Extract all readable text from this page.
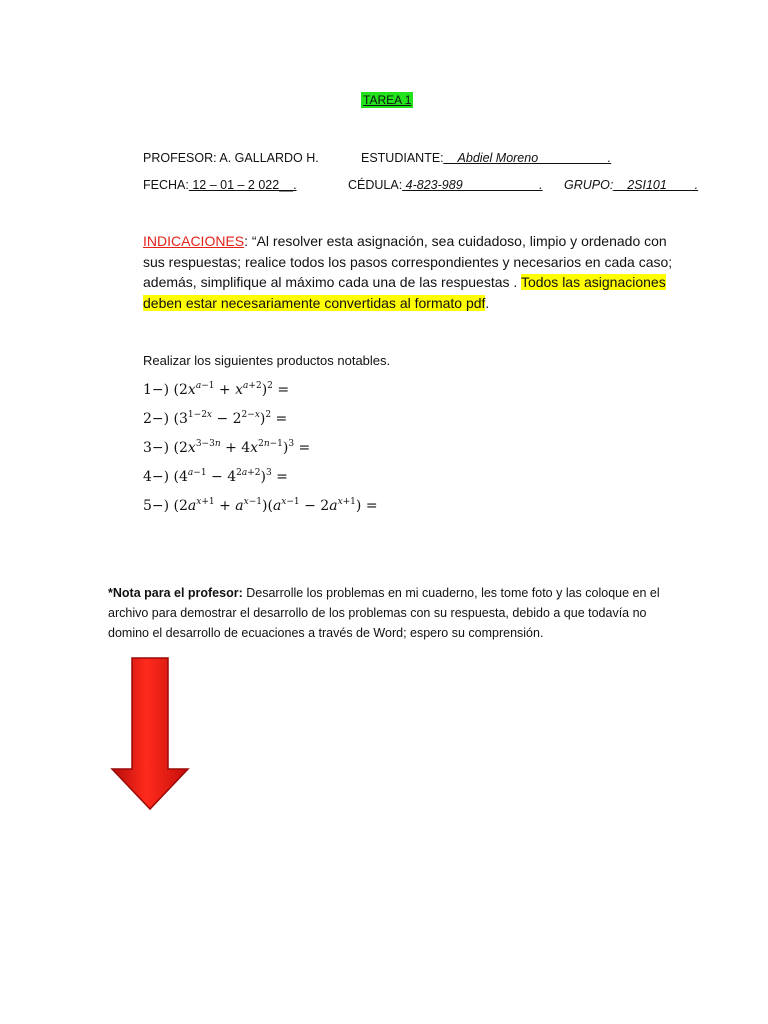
TAREA 1
PROFESOR: A. GALLARDO H.	ESTUDIANTE:__Abdiel Moreno__________.
FECHA: 12 – 01 – 2 022__.	CÉDULA: 4-823-989___________. GRUPO:__2SI101____.
INDICACIONES: “Al resolver esta asignación, sea cuidadoso, limpio y ordenado con sus respuestas; realice todos los pasos correspondientes y necesarios en cada caso; además, simplifique al máximo cada una de las respuestas . Todos las asignaciones deben estar necesariamente convertidas al formato pdf.
Realizar los siguientes productos notables.
1−) $(2x^{a-1} + x^{a+2})^2$ =
2−) $(3^{1-2x} - 2^{2-x})^2$ =
3−) $(2x^{3-3n} + 4x^{2n-1})^3$ =
4−) $(4^{a-1} - 4^{2a+2})^3$ =
5−) $(2a^{x+1} + a^{x-1})(a^{x-1} - 2a^{x+1})$ =
*Nota para el profesor: Desarrolle los problemas en mi cuaderno, les tome foto y las coloque en el archivo para demostrar el desarrollo de los problemas con su respuesta, debido a que todavía no domino el desarrollo de ecuaciones a través de Word; espero su comprensión.
